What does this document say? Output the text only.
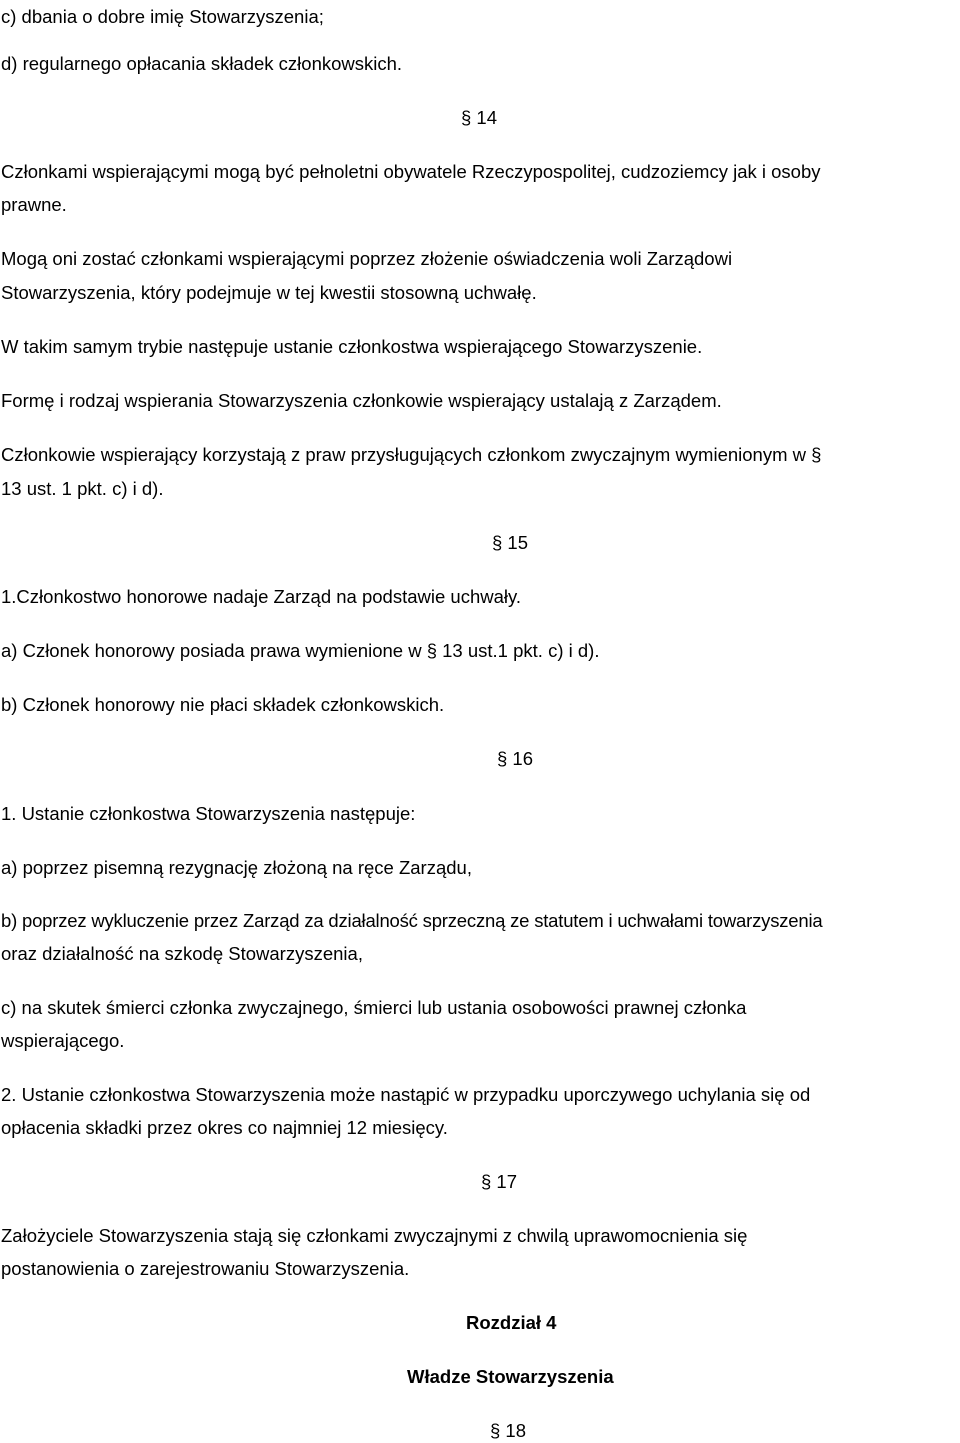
c) dbania o dobre imię Stowarzyszenia;
d) regularnego opłacania składek członkowskich.
§ 14
Członkami wspierającymi mogą być pełnoletni obywatele Rzeczypospolitej, cudzoziemcy jak i osoby
prawne.
Mogą oni zostać członkami wspierającymi poprzez złożenie oświadczenia woli Zarządowi
Stowarzyszenia, który podejmuje w tej kwestii stosowną uchwałę.
W takim samym trybie następuje ustanie członkostwa wspierającego Stowarzyszenie.
Formę i rodzaj wspierania Stowarzyszenia członkowie wspierający ustalają z Zarządem.
Członkowie wspierający korzystają z praw przysługujących członkom zwyczajnym wymienionym w §
13 ust. 1 pkt. c) i d).
§ 15
1.Członkostwo honorowe nadaje Zarząd na podstawie uchwały.
a) Członek honorowy posiada prawa wymienione w § 13 ust.1 pkt. c) i d).
b) Członek honorowy nie płaci składek członkowskich.
§ 16
1. Ustanie członkostwa Stowarzyszenia następuje:
a) poprzez pisemną rezygnację złożoną na ręce Zarządu,
b) poprzez wykluczenie przez Zarząd za działalność sprzeczną ze statutem i uchwałami towarzyszenia
oraz działalność na szkodę Stowarzyszenia,
c) na skutek śmierci członka zwyczajnego, śmierci lub ustania osobowości prawnej członka
wspierającego.
2. Ustanie członkostwa Stowarzyszenia może nastąpić w przypadku uporczywego uchylania się od
opłacenia składki przez okres co najmniej 12 miesięcy.
§ 17
Założyciele Stowarzyszenia stają się członkami zwyczajnymi z chwilą uprawomocnienia się
postanowienia o zarejestrowaniu Stowarzyszenia.
Rozdział 4
Władze Stowarzyszenia
§ 18
